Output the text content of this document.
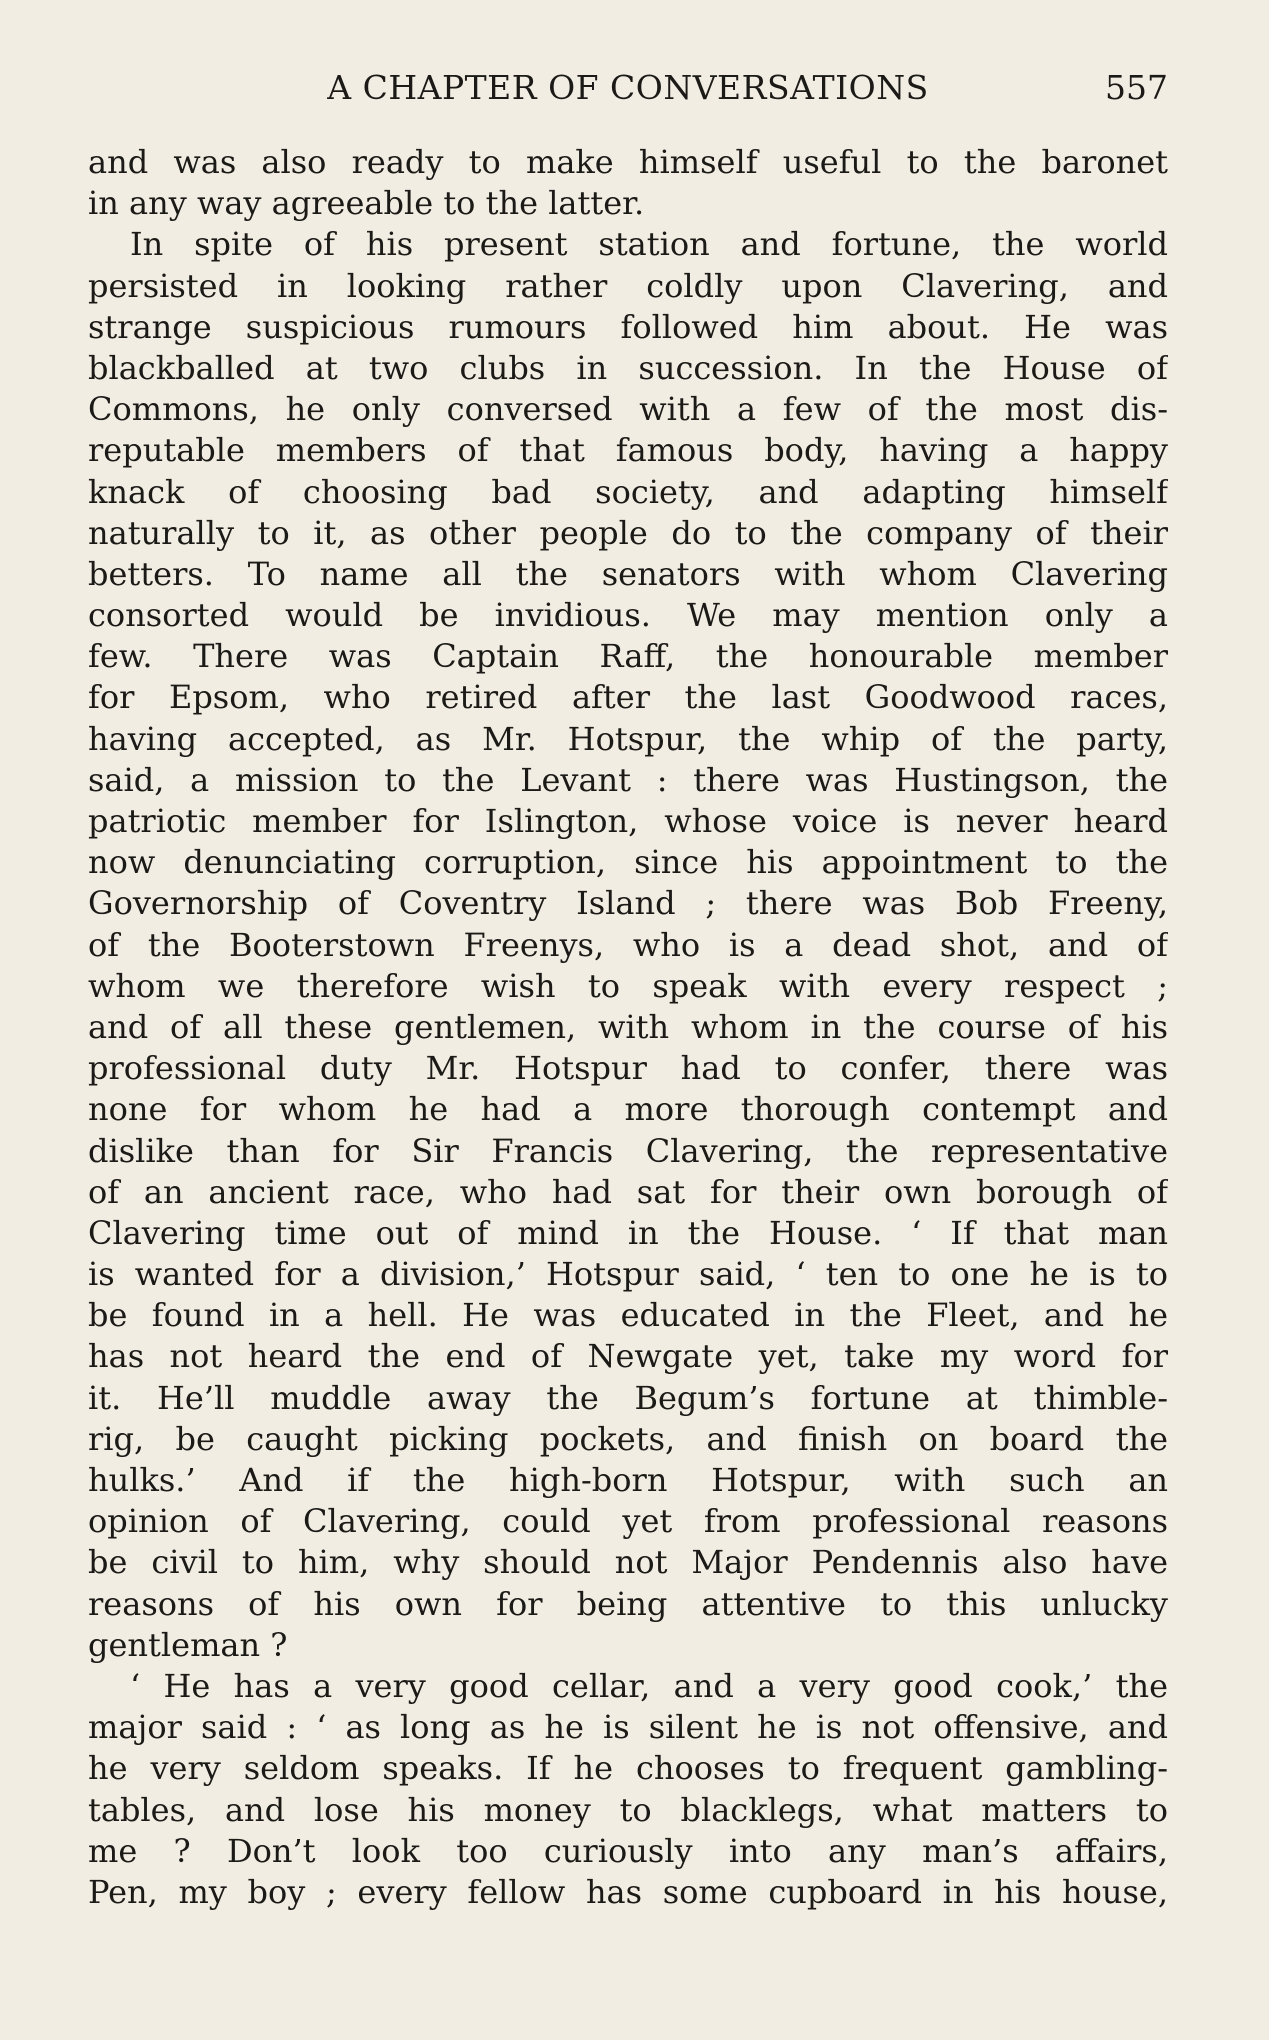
A CHAPTER OF CONVERSATIONS	557
and was also ready to make himself useful to the baronet
in any way agreeable to the latter.
In spite of his present station and fortune, the world
persisted in looking rather coldly upon Clavering, and
strange suspicious rumours followed him about. He was
blackballed at two clubs in succession. In the House of
Commons, he only conversed with a few of the most dis-
reputable members of that famous body, having a happy
knack of choosing bad society, and adapting himself
naturally to it, as other people do to the company of their
betters. To name all the senators with whom Clavering
consorted would be invidious. We may mention only a
few. There was Captain Raff, the honourable member
for Epsom, who retired after the last Goodwood races,
having accepted, as Mr. Hotspur, the whip of the party,
said, a mission to the Levant : there was Hustingson, the
patriotic member for Islington, whose voice is never heard
now denunciating corruption, since his appointment to the
Governorship of Coventry Island ; there was Bob Freeny,
of the Booterstown Freenys, who is a dead shot, and of
whom we therefore wish to speak with every respect ;
and of all these gentlemen, with whom in the course of his
professional duty Mr. Hotspur had to confer, there was
none for whom he had a more thorough contempt and
dislike than for Sir Francis Clavering, the representative
of an ancient race, who had sat for their own borough of
Clavering time out of mind in the House. ‘ If that man
is wanted for a division,’ Hotspur said, ‘ ten to one he is to
be found in a hell. He was educated in the Fleet, and he
has not heard the end of Newgate yet, take my word for
it. He’ll muddle away the Begum’s fortune at thimble-
rig, be caught picking pockets, and finish on board the
hulks.’ And if the high-born Hotspur, with such an
opinion of Clavering, could yet from professional reasons
be civil to him, why should not Major Pendennis also have
reasons of his own for being attentive to this unlucky
gentleman ?
‘ He has a very good cellar, and a very good cook,’ the
major said : ‘ as long as he is silent he is not offensive, and
he very seldom speaks. If he chooses to frequent gambling-
tables, and lose his money to blacklegs, what matters to
me ? Don’t look too curiously into any man’s affairs,
Pen, my boy ; every fellow has some cupboard in his house,
